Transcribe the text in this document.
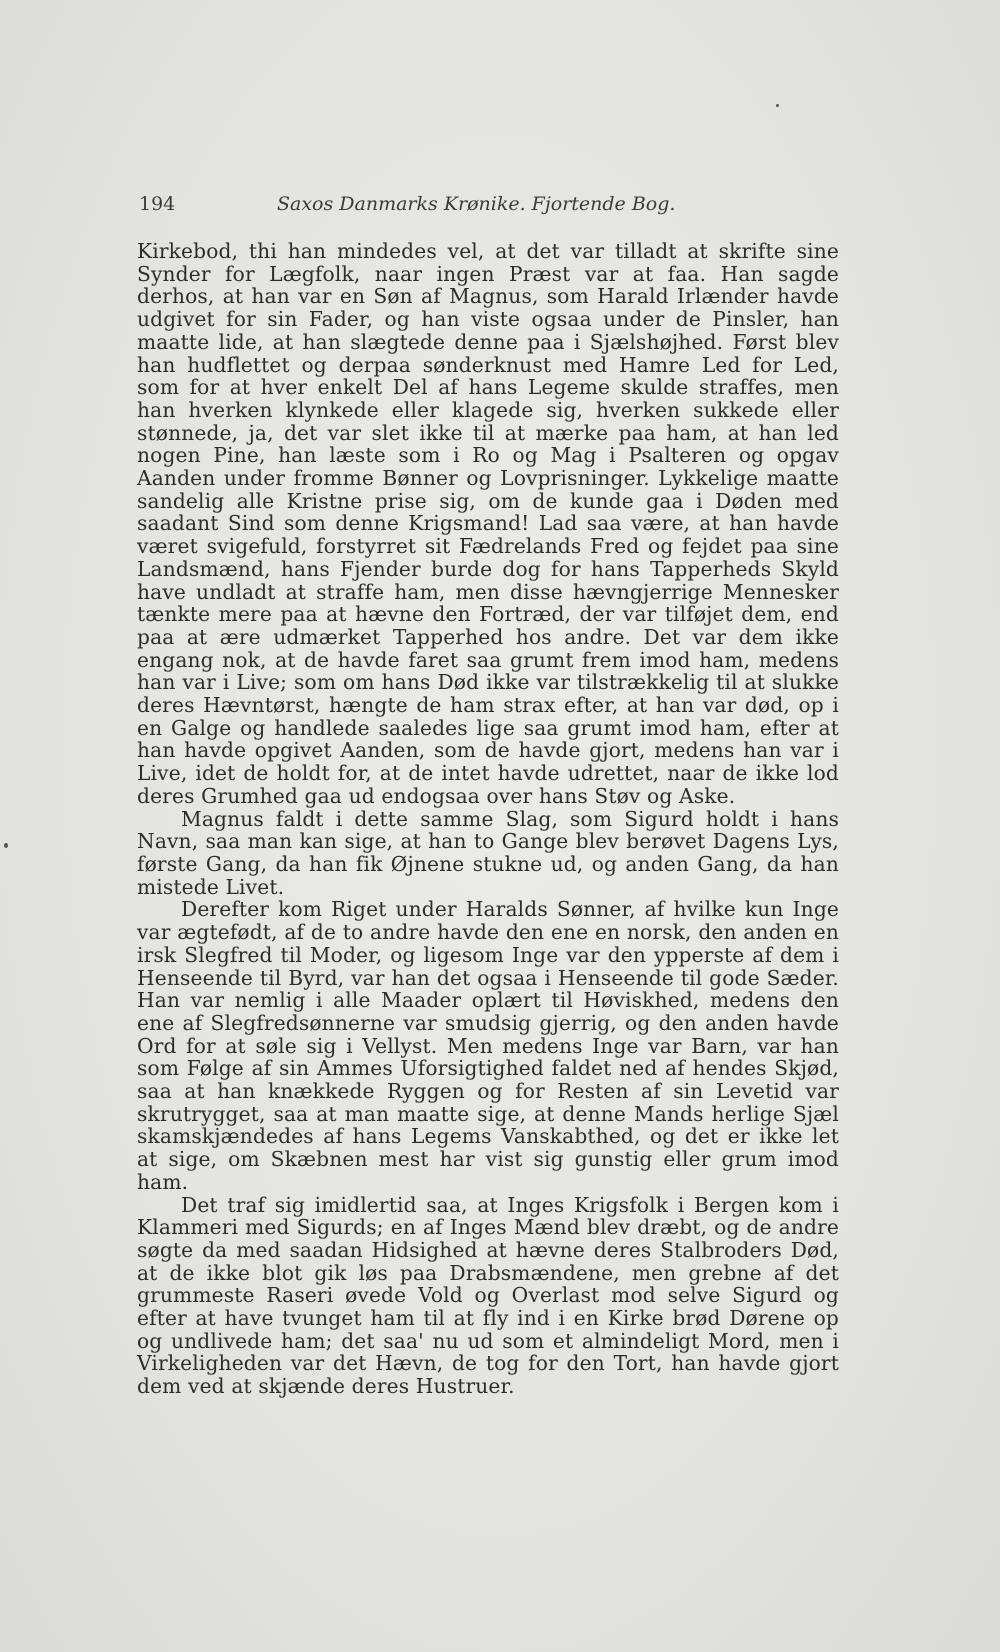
194	Saxos Danmarks Krønike. Fjortende Bog.

Kirkebod, thi han mindedes vel, at det var tilladt at skrifte sine Synder for Lægfolk, naar ingen Præst var at faa. Han sagde derhos, at han var en Søn af Magnus, som Harald Irlænder havde udgivet for sin Fader, og han viste ogsaa under de Pinsler, han maatte lide, at han slægtede denne paa i Sjælshøjhed. Først blev han hudflettet og derpaa sønderknust med Hamre Led for Led, som for at hver enkelt Del af hans Legeme skulde straffes, men han hverken klynkede eller klagede sig, hverken sukkede eller stønnede, ja, det var slet ikke til at mærke paa ham, at han led nogen Pine, han læste som i Ro og Mag i Psalteren og opgav Aanden under fromme Bønner og Lovprisninger. Lykkelige maatte sandelig alle Kristne prise sig, om de kunde gaa i Døden med saadant Sind som denne Krigsmand! Lad saa være, at han havde været svigefuld, forstyrret sit Fædrelands Fred og fejdet paa sine Landsmænd, hans Fjender burde dog for hans Tapperheds Skyld have undladt at straffe ham, men disse hævngjerrige Mennesker tænkte mere paa at hævne den Fortræd, der var tilføjet dem, end paa at ære udmærket Tapperhed hos andre. Det var dem ikke engang nok, at de havde faret saa grumt frem imod ham, medens han var i Live; som om hans Død ikke var tilstrækkelig til at slukke deres Hævntørst, hængte de ham strax efter, at han var død, op i en Galge og handlede saaledes lige saa grumt imod ham, efter at han havde opgivet Aanden, som de havde gjort, medens han var i Live, idet de holdt for, at de intet havde udrettet, naar de ikke lod deres Grumhed gaa ud endogsaa over hans Støv og Aske.

Magnus faldt i dette samme Slag, som Sigurd holdt i hans Navn, saa man kan sige, at han to Gange blev berøvet Dagens Lys, første Gang, da han fik Øjnene stukne ud, og anden Gang, da han mistede Livet.

Derefter kom Riget under Haralds Sønner, af hvilke kun Inge var ægtefødt, af de to andre havde den ene en norsk, den anden en irsk Slegfred til Moder, og ligesom Inge var den ypperste af dem i Henseende til Byrd, var han det ogsaa i Henseende til gode Sæder. Han var nemlig i alle Maader oplært til Høviskhed, medens den ene af Slegfredsønnerne var smudsig gjerrig, og den anden havde Ord for at søle sig i Vellyst. Men medens Inge var Barn, var han som Følge af sin Ammes Uforsigtighed faldet ned af hendes Skjød, saa at han knækkede Ryggen og for Resten af sin Levetid var skrutrygget, saa at man maatte sige, at denne Mands herlige Sjæl skamskjændedes af hans Legems Vanskabthed, og det er ikke let at sige, om Skæbnen mest har vist sig gunstig eller grum imod ham.

Det traf sig imidlertid saa, at Inges Krigsfolk i Bergen kom i Klammeri med Sigurds; en af Inges Mænd blev dræbt, og de andre søgte da med saadan Hidsighed at hævne deres Stalbroders Død, at de ikke blot gik løs paa Drabsmændene, men grebne af det grummeste Raseri øvede Vold og Overlast mod selve Sigurd og efter at have tvunget ham til at fly ind i en Kirke brød Dørene op og undlivede ham; det saa' nu ud som et almindeligt Mord, men i Virkeligheden var det Hævn, de tog for den Tort, han havde gjort dem ved at skjænde deres Hustruer.
